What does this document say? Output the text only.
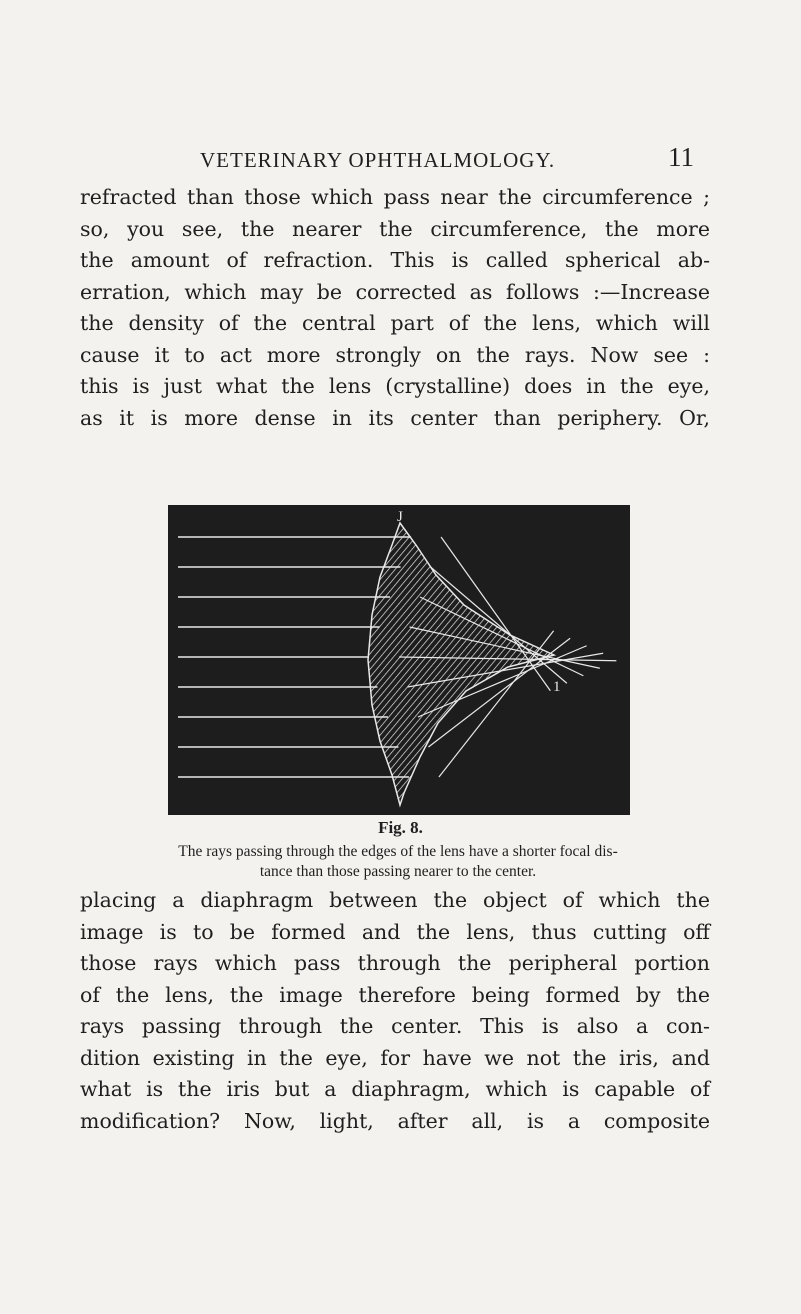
VETERINARY OPHTHALMOLOGY.	11
refracted than those which pass near the circumference ;
so, you see, the nearer the circumference, the more
the amount of refraction. This is called spherical ab-
erration, which may be corrected as follows :—Increase
the density of the central part of the lens, which will
cause it to act more strongly on the rays. Now see :
this is just what the lens (crystalline) does in the eye,
as it is more dense in its center than periphery. Or,
J
1
Fig. 8.
The rays passing through the edges of the lens have a shorter focal dis-
tance than those passing nearer to the center.
placing a diaphragm between the object of which the
image is to be formed and the lens, thus cutting off
those rays which pass through the peripheral portion
of the lens, the image therefore being formed by the
rays passing through the center. This is also a con-
dition existing in the eye, for have we not the iris, and
what is the iris but a diaphragm, which is capable of
modification? Now, light, after all, is a composite
